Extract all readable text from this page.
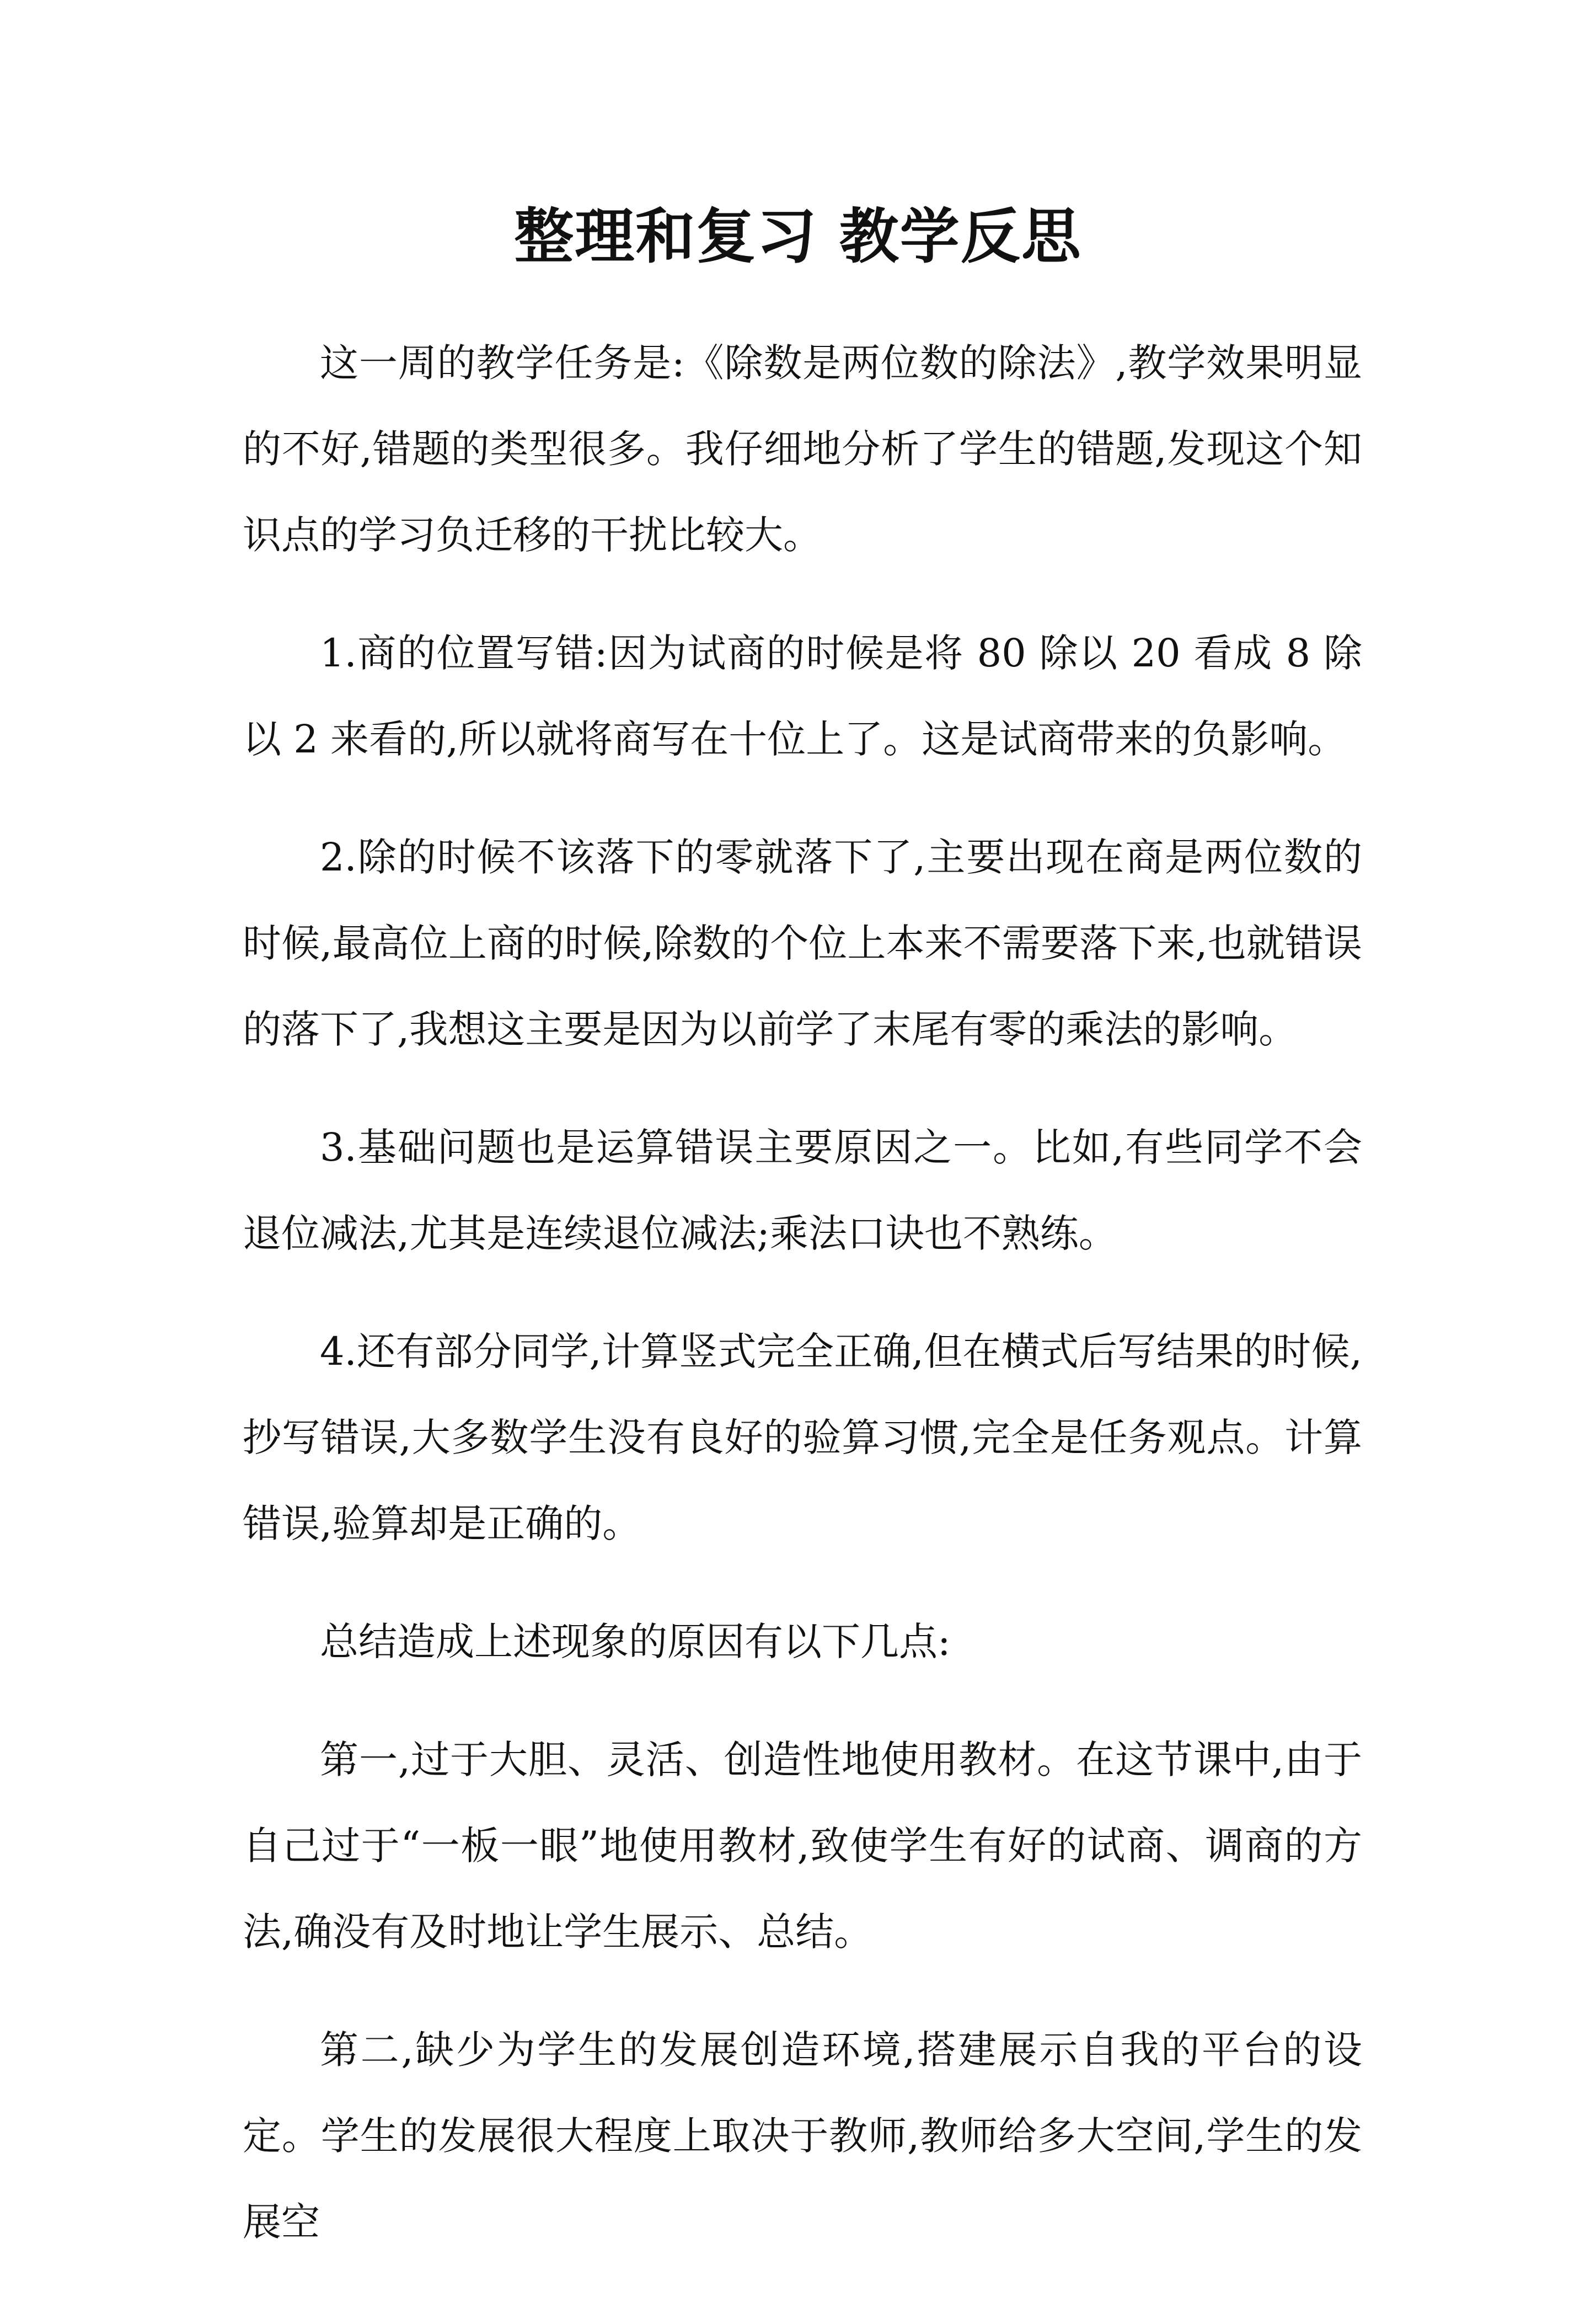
整理和复习 教学反思

这一周的教学任务是:《除数是两位数的除法》,教学效果明显的不好,错题的类型很多。我仔细地分析了学生的错题,发现这个知识点的学习负迁移的干扰比较大。

1.商的位置写错:因为试商的时候是将 80 除以 20 看成 8 除以 2 来看的,所以就将商写在十位上了。这是试商带来的负影响。

2.除的时候不该落下的零就落下了,主要出现在商是两位数的时候,最高位上商的时候,除数的个位上本来不需要落下来,也就错误的落下了,我想这主要是因为以前学了末尾有零的乘法的影响。

3.基础问题也是运算错误主要原因之一。比如,有些同学不会退位减法,尤其是连续退位减法;乘法口诀也不熟练。

4.还有部分同学,计算竖式完全正确,但在横式后写结果的时候,抄写错误,大多数学生没有良好的验算习惯,完全是任务观点。计算错误,验算却是正确的。

总结造成上述现象的原因有以下几点:

第一,过于大胆、灵活、创造性地使用教材。在这节课中,由于自己过于“一板一眼”地使用教材,致使学生有好的试商、调商的方法,确没有及时地让学生展示、总结。

第二,缺少为学生的发展创造环境,搭建展示自我的平台的设定。学生的发展很大程度上取决于教师,教师给多大空间,学生的发展空
